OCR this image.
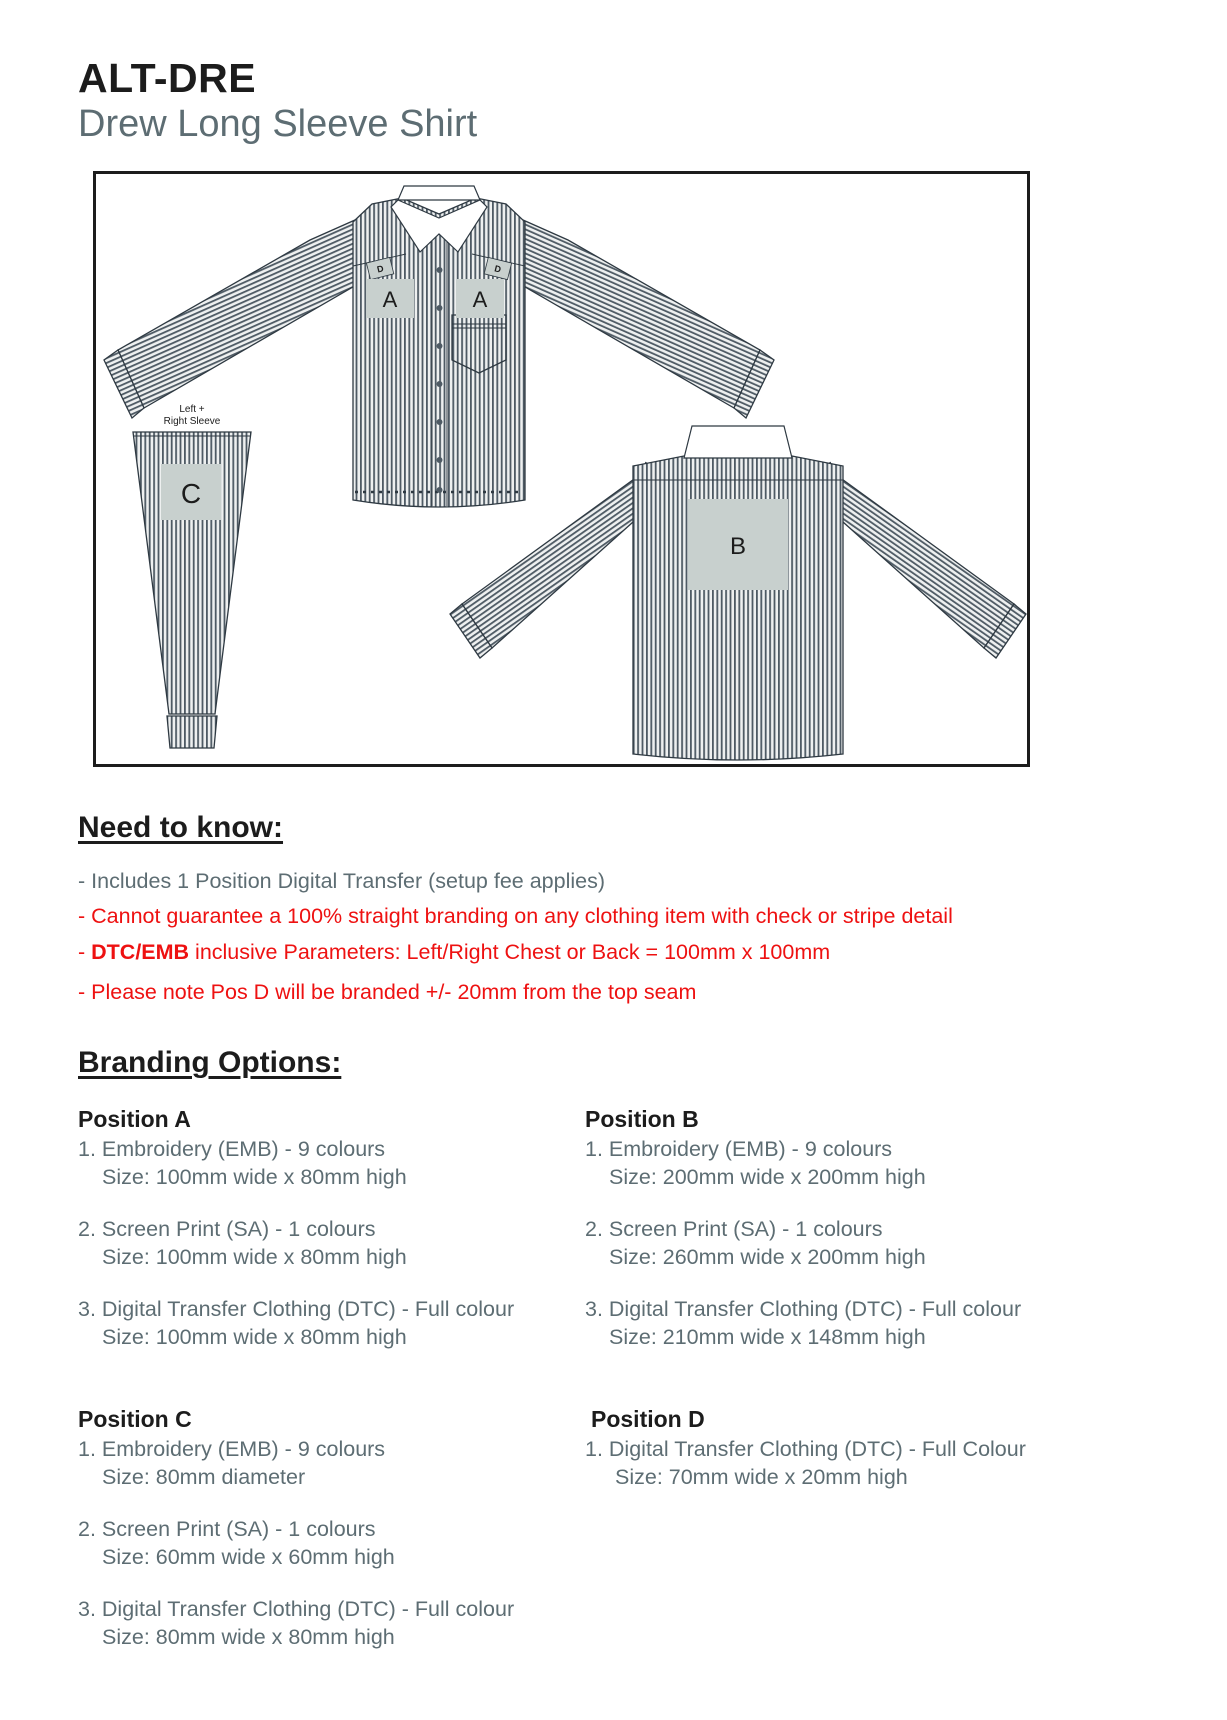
ALT-DRE
Drew Long Sleeve Shirt
D	D
A	A
Left +
Right Sleeve
C
B
Need to know:

- Includes 1 Position Digital Transfer (setup fee applies)

- Cannot guarantee a 100% straight branding on any clothing item with check or stripe detail

- DTC/EMB inclusive Parameters: Left/Right Chest or Back = 100mm x 100mm

- Please note Pos D will be branded +/- 20mm from the top seam

Branding Options:
Position A
1. Embroidery (EMB) - 9 colours
Size: 100mm wide x 80mm high
2. Screen Print (SA) - 1 colours
Size: 100mm wide x 80mm high
3. Digital Transfer Clothing (DTC) - Full colour
Size: 100mm wide x 80mm high
Position B
1. Embroidery (EMB) - 9 colours
Size: 200mm wide x 200mm high
2. Screen Print (SA) - 1 colours
Size: 260mm wide x 200mm high
3. Digital Transfer Clothing (DTC) - Full colour
Size: 210mm wide x 148mm high
Position C
1. Embroidery (EMB) - 9 colours
Size: 80mm diameter
2. Screen Print (SA) - 1 colours
Size: 60mm wide x 60mm high
3. Digital Transfer Clothing (DTC) - Full colour
Size: 80mm wide x 80mm high
Position D
1. Digital Transfer Clothing (DTC) - Full Colour
Size: 70mm wide x 20mm high
